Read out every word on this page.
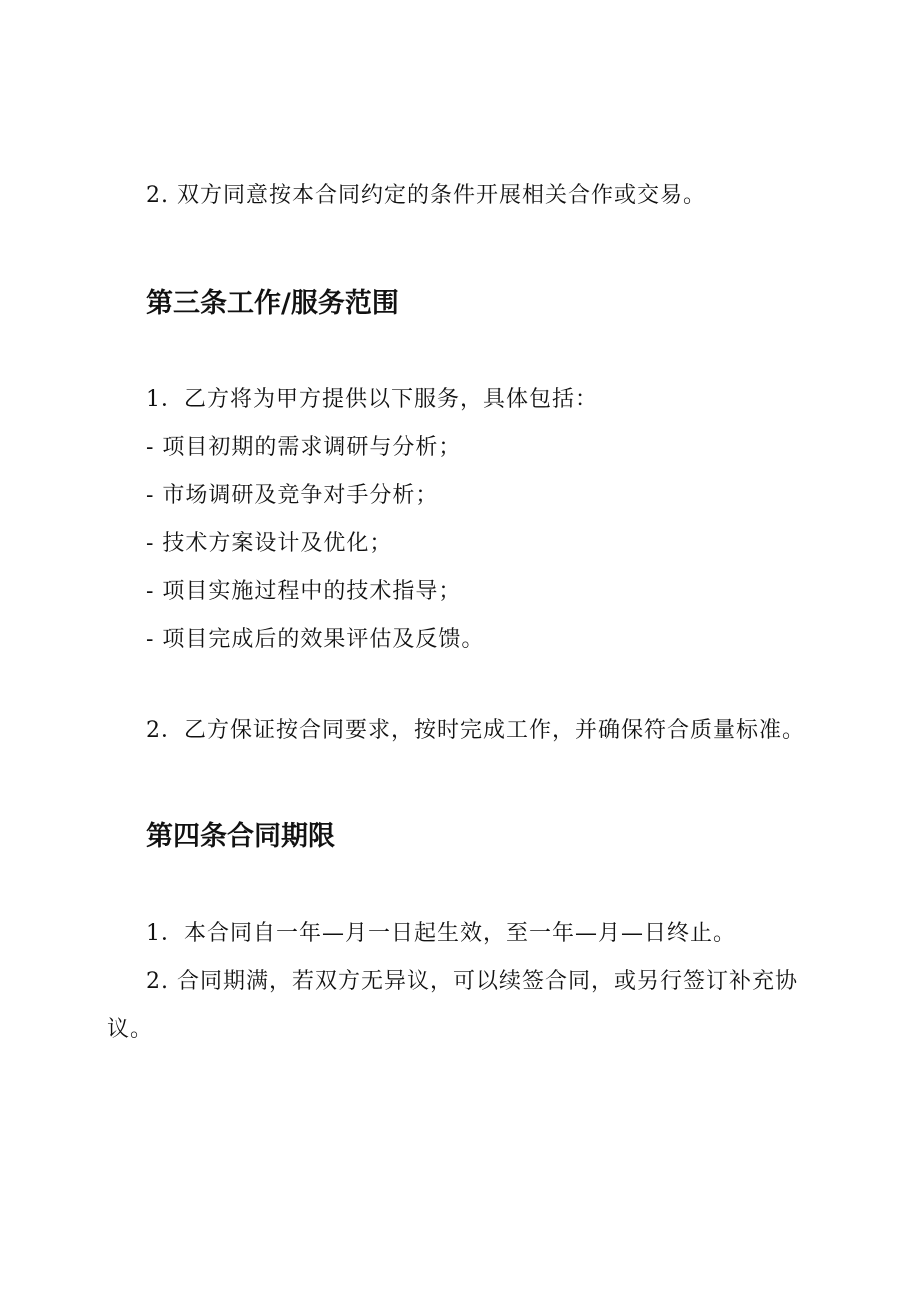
2. 双方同意按本合同约定的条件开展相关合作或交易。
第三条工作/服务范围
1．乙方将为甲方提供以下服务，具体包括：
- 项目初期的需求调研与分析；
- 市场调研及竞争对手分析；
- 技术方案设计及优化；
- 项目实施过程中的技术指导；
- 项目完成后的效果评估及反馈。
2．乙方保证按合同要求，按时完成工作，并确保符合质量标准。
第四条合同期限
1．本合同自一年—月一日起生效，至一年—月—日终止。
2. 合同期满，若双方无异议，可以续签合同，或另行签订补充协
议。
